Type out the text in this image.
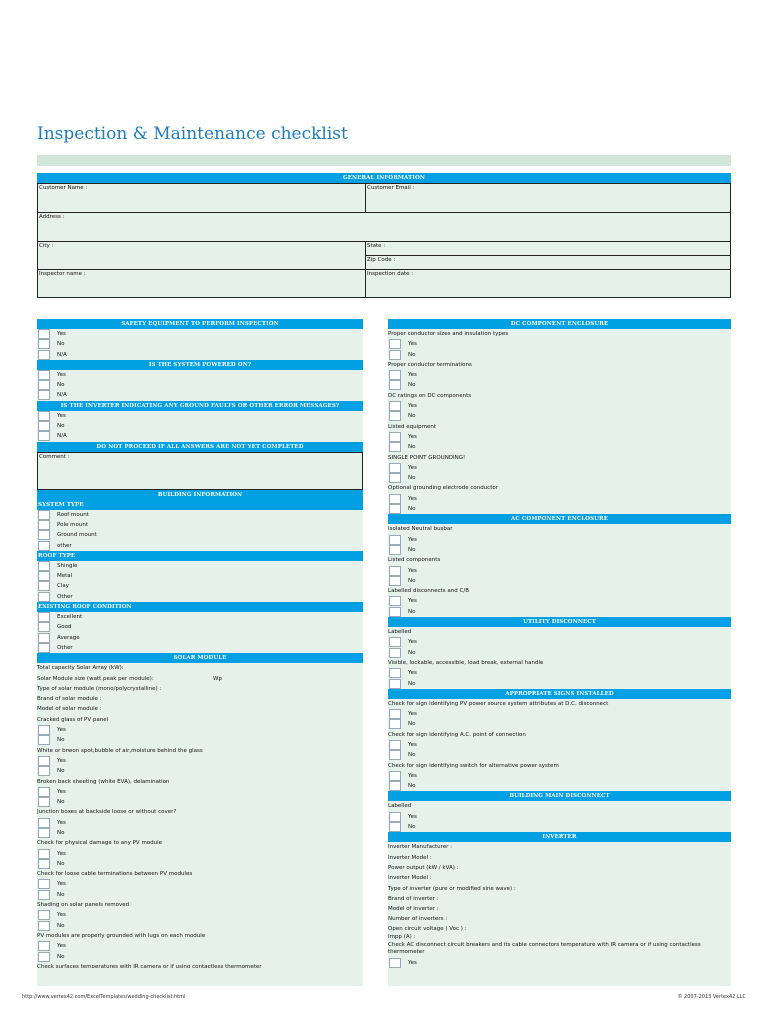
Inspection & Maintenance checklist
GENERAL INFORMATION
Customer Name :	Customer Email :
Address :	
City :	State :
	Zip Code :
Inspector name :	Inspection date :
SAFETY EQUIPMENT TO PERFORM INSPECTION
Yes
No
N/A
IS THE SYSTEM POWERED ON?
Yes
No
N/A
IS THE INVERTER INDICATING ANY GROUND FAULTS OR OTHER ERROR MESSAGES?
Yes
No
N/A
DO NOT PROCEED IF ALL ANSWERS ARE NOT YET COMPLETED
Comment :
BUILDING INFORMATION
SYSTEM TYPE
Roof mount
Pole mount
Ground mount
other
ROOF TYPE
Shingle
Metal
Clay
Other
EXISTING ROOF CONDITION
Excellent
Good
Average
Other
SOLAR MODULE
Total capacity Solar Array (kW):
Solar Module size (watt peak per module):	Wp
Type of solar module (mono/polycrystalline) :
Brand of solar module :
Model of solar module :
Cracked glass of PV panel
Yes
No
White or brwon spot,bubble of air,moisture behind the glass
Yes
No
Broken back sheeting (white EVA), delamination
Yes
No
Junction boxes at backside loose or without cover?
Yes
No
Check for physical damage to any PV module
Yes
No
Check for loose cable terminations between PV modules
Yes
No
Shading on solar panels removed
Yes
No
PV modules are properly grounded with lugs on each module
Yes
No
Check surfaces temperatures with IR camera or if using contactless thermometer
DC COMPONENT ENCLOSURE
Proper conductor sizes and insulation types
Yes
No
Proper conductor terminations
Yes
No
DC ratings on DC components
Yes
No
Listed equipment
Yes
No
SINGLE POINT GROUNDING!
Yes
No
Optional grounding electrode conductor
Yes
No
AC COMPONENT ENCLOSURE
Isolated Neutral busbar
Yes
No
Listed components
Yes
No
Labelled disconnects and C/B
Yes
No
UTILITY DISCONNECT
Labelled
Yes
No
Visible, lockable, accessible, load break, external handle
Yes
No
APPROPRIATE SIGNS INSTALLED
Check for sign identifying PV power source system attributes at D.C. disconnect
Yes
No
Check for sign identifying A.C. point of connection
Yes
No
Check for sign identifying switch for alternative power system
Yes
No
BUILDING MAIN DISCONNECT
Labelled
Yes
No
INVERTER
Inverter Manufacturer :
Inverter Model :
Power output (kW / kVA) :
Inverter Model :
Type of inverter (pure or modified sine wave) :
Brand of inverter :
Model of inverter :
Number of inverters :
Open circuit voltage ( Voc ) :
Impp (A) :
Check AC disconnect circuit breakers and its cable connectors temperature with IR camera or if using contactless thermometer
Yes
http://www.vertex42.com/ExcelTemplates/wedding-checklist.html	© 2007-2013 Vertex42 LLC
